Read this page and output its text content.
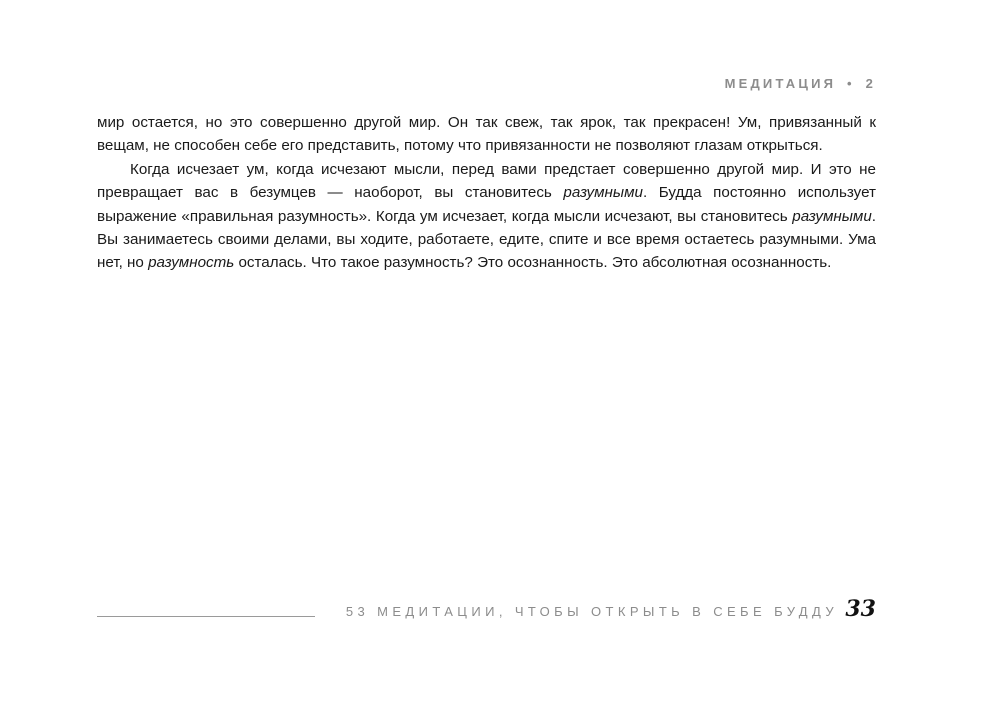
МЕДИТАЦИЯ • 2

мир остается, но это совершенно другой мир. Он так свеж, так ярок, так прекрасен! Ум, привязанный к вещам, не способен себе его представить, потому что привязанности не позволяют глазам открыться.

Когда исчезает ум, когда исчезают мысли, перед вами предстает совершенно другой мир. И это не превращает вас в безумцев — наоборот, вы становитесь разумными. Будда постоянно использует выражение «правильная разумность». Когда ум исчезает, когда мысли исчезают, вы становитесь разумными. Вы занимаетесь своими делами, вы ходите, работаете, едите, спите и все время остаетесь разумными. Ума нет, но разумность осталась. Что такое разумность? Это осознанность. Это абсолютная осознанность.

53 МЕДИТАЦИИ, ЧТОБЫ ОТКРЫТЬ В СЕБЕ БУДДУ 33
